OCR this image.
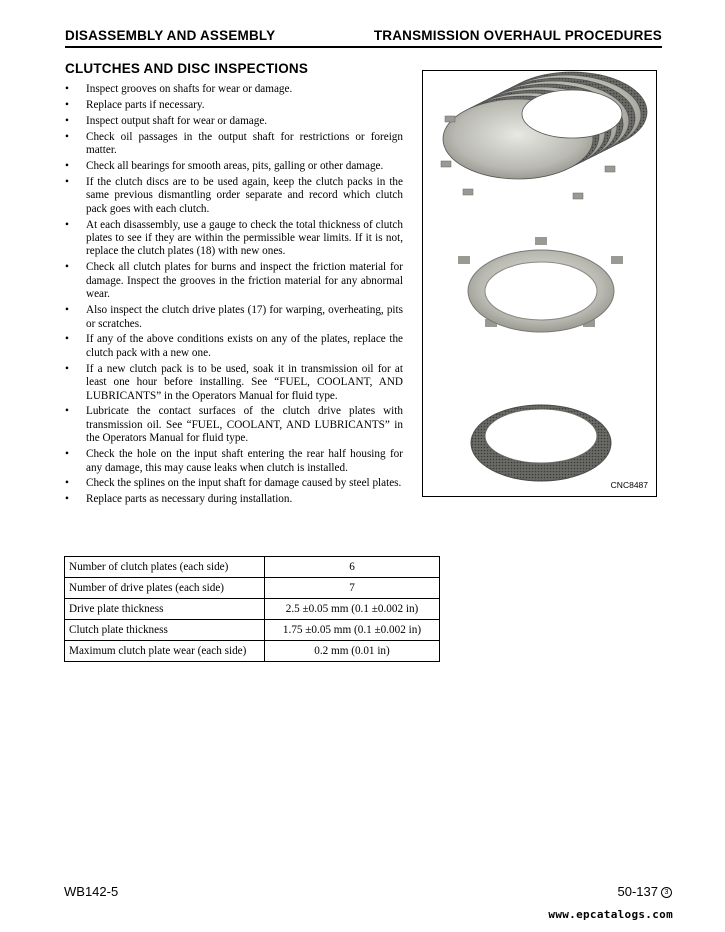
DISASSEMBLY AND ASSEMBLY	TRANSMISSION OVERHAUL PROCEDURES
CLUTCHES AND DISC INSPECTIONS
• Inspect grooves on shafts for wear or damage.
• Replace parts if necessary.
• Inspect output shaft for wear or damage.
• Check oil passages in the output shaft for restrictions or foreign matter.
• Check all bearings for smooth areas, pits, galling or other damage.
• If the clutch discs are to be used again, keep the clutch packs in the same previous dismantling order separate and record which clutch pack goes with each clutch.
• At each disassembly, use a gauge to check the total thickness of clutch plates to see if they are within the permissible wear limits. If it is not, replace the clutch plates (18) with new ones.
• Check all clutch plates for burns and inspect the friction material for damage. Inspect the grooves in the friction material for any abnormal wear.
• Also inspect the clutch drive plates (17) for warping, overheating, pits or scratches.
• If any of the above conditions exists on any of the plates, replace the clutch pack with a new one.
• If a new clutch pack is to be used, soak it in transmission oil for at least one hour before installing. See “FUEL, COOLANT, AND LUBRICANTS” in the Operators Manual for fluid type.
• Lubricate the contact surfaces of the clutch drive plates with transmission oil. See “FUEL, COOLANT, AND LUBRICANTS” in the Operators Manual for fluid type.
• Check the hole on the input shaft entering the rear half housing for any damage, this may cause leaks when clutch is installed.
• Check the splines on the input shaft for damage caused by steel plates.
• Replace parts as necessary during installation.
CNC8487
Number of clutch plates (each side)	6
Number of drive plates (each side)	7
Drive plate thickness	2.5 ±0.05 mm (0.1 ±0.002 in)
Clutch plate thickness	1.75 ±0.05 mm (0.1 ±0.002 in)
Maximum clutch plate wear (each side)	0.2 mm (0.01 in)
WB142-5	50-137 3
www.epcatalogs.com
